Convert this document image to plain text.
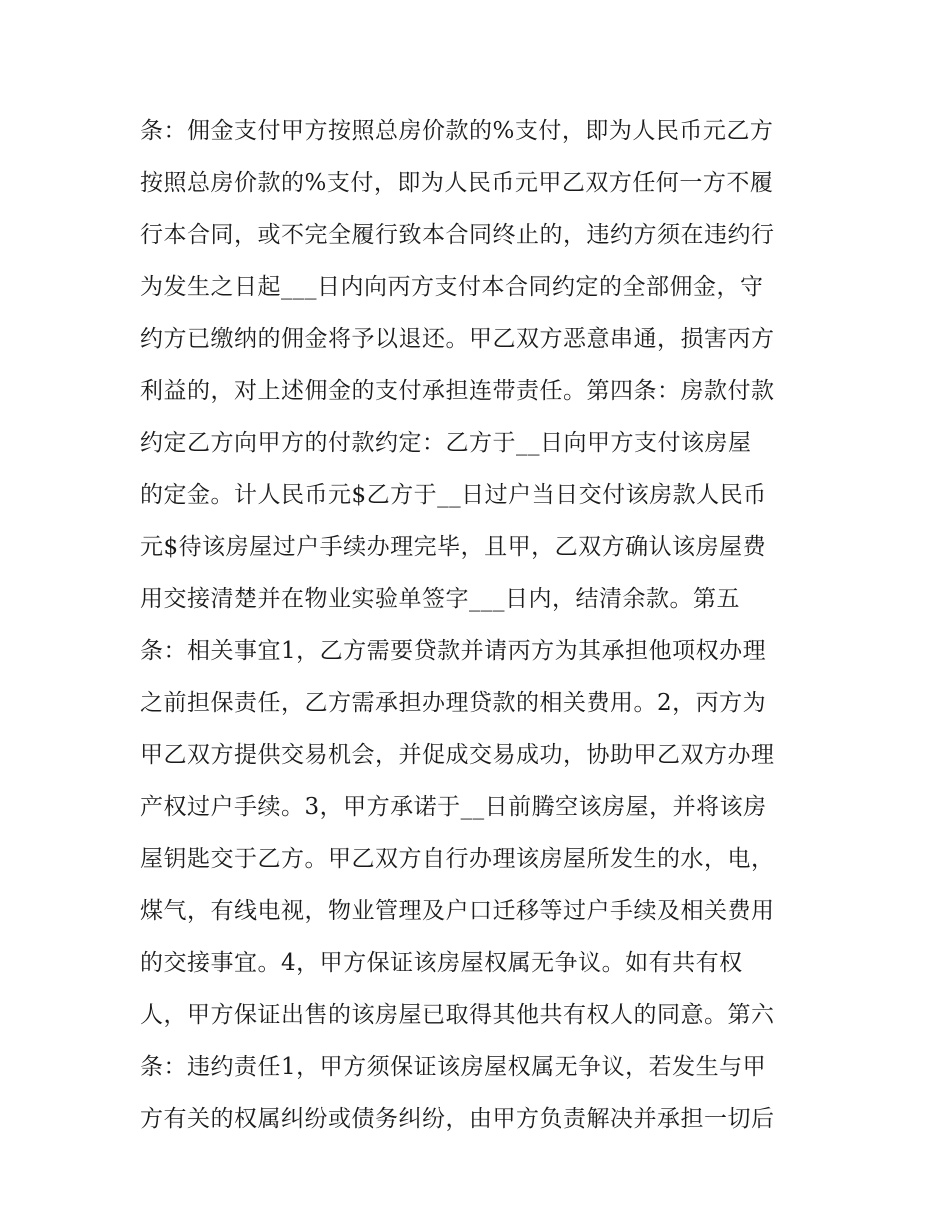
条：佣金支付甲方按照总房价款的%支付，即为人民币元乙方
按照总房价款的%支付，即为人民币元甲乙双方任何一方不履
行本合同，或不完全履行致本合同终止的，违约方须在违约行
为发生之日起___日内向丙方支付本合同约定的全部佣金，守
约方已缴纳的佣金将予以退还。甲乙双方恶意串通，损害丙方
利益的，对上述佣金的支付承担连带责任。第四条：房款付款
约定乙方向甲方的付款约定：乙方于__日向甲方支付该房屋
的定金。计人民币元$乙方于__日过户当日交付该房款人民币
元$待该房屋过户手续办理完毕，且甲，乙双方确认该房屋费
用交接清楚并在物业实验单签字___日内，结清余款。第五
条：相关事宜1，乙方需要贷款并请丙方为其承担他项权办理
之前担保责任，乙方需承担办理贷款的相关费用。2，丙方为
甲乙双方提供交易机会，并促成交易成功，协助甲乙双方办理
产权过户手续。3，甲方承诺于__日前腾空该房屋，并将该房
屋钥匙交于乙方。甲乙双方自行办理该房屋所发生的水，电，
煤气，有线电视，物业管理及户口迁移等过户手续及相关费用
的交接事宜。4，甲方保证该房屋权属无争议。如有共有权
人，甲方保证出售的该房屋已取得其他共有权人的同意。第六
条：违约责任1，甲方须保证该房屋权属无争议，若发生与甲
方有关的权属纠纷或债务纠纷，由甲方负责解决并承担一切后
